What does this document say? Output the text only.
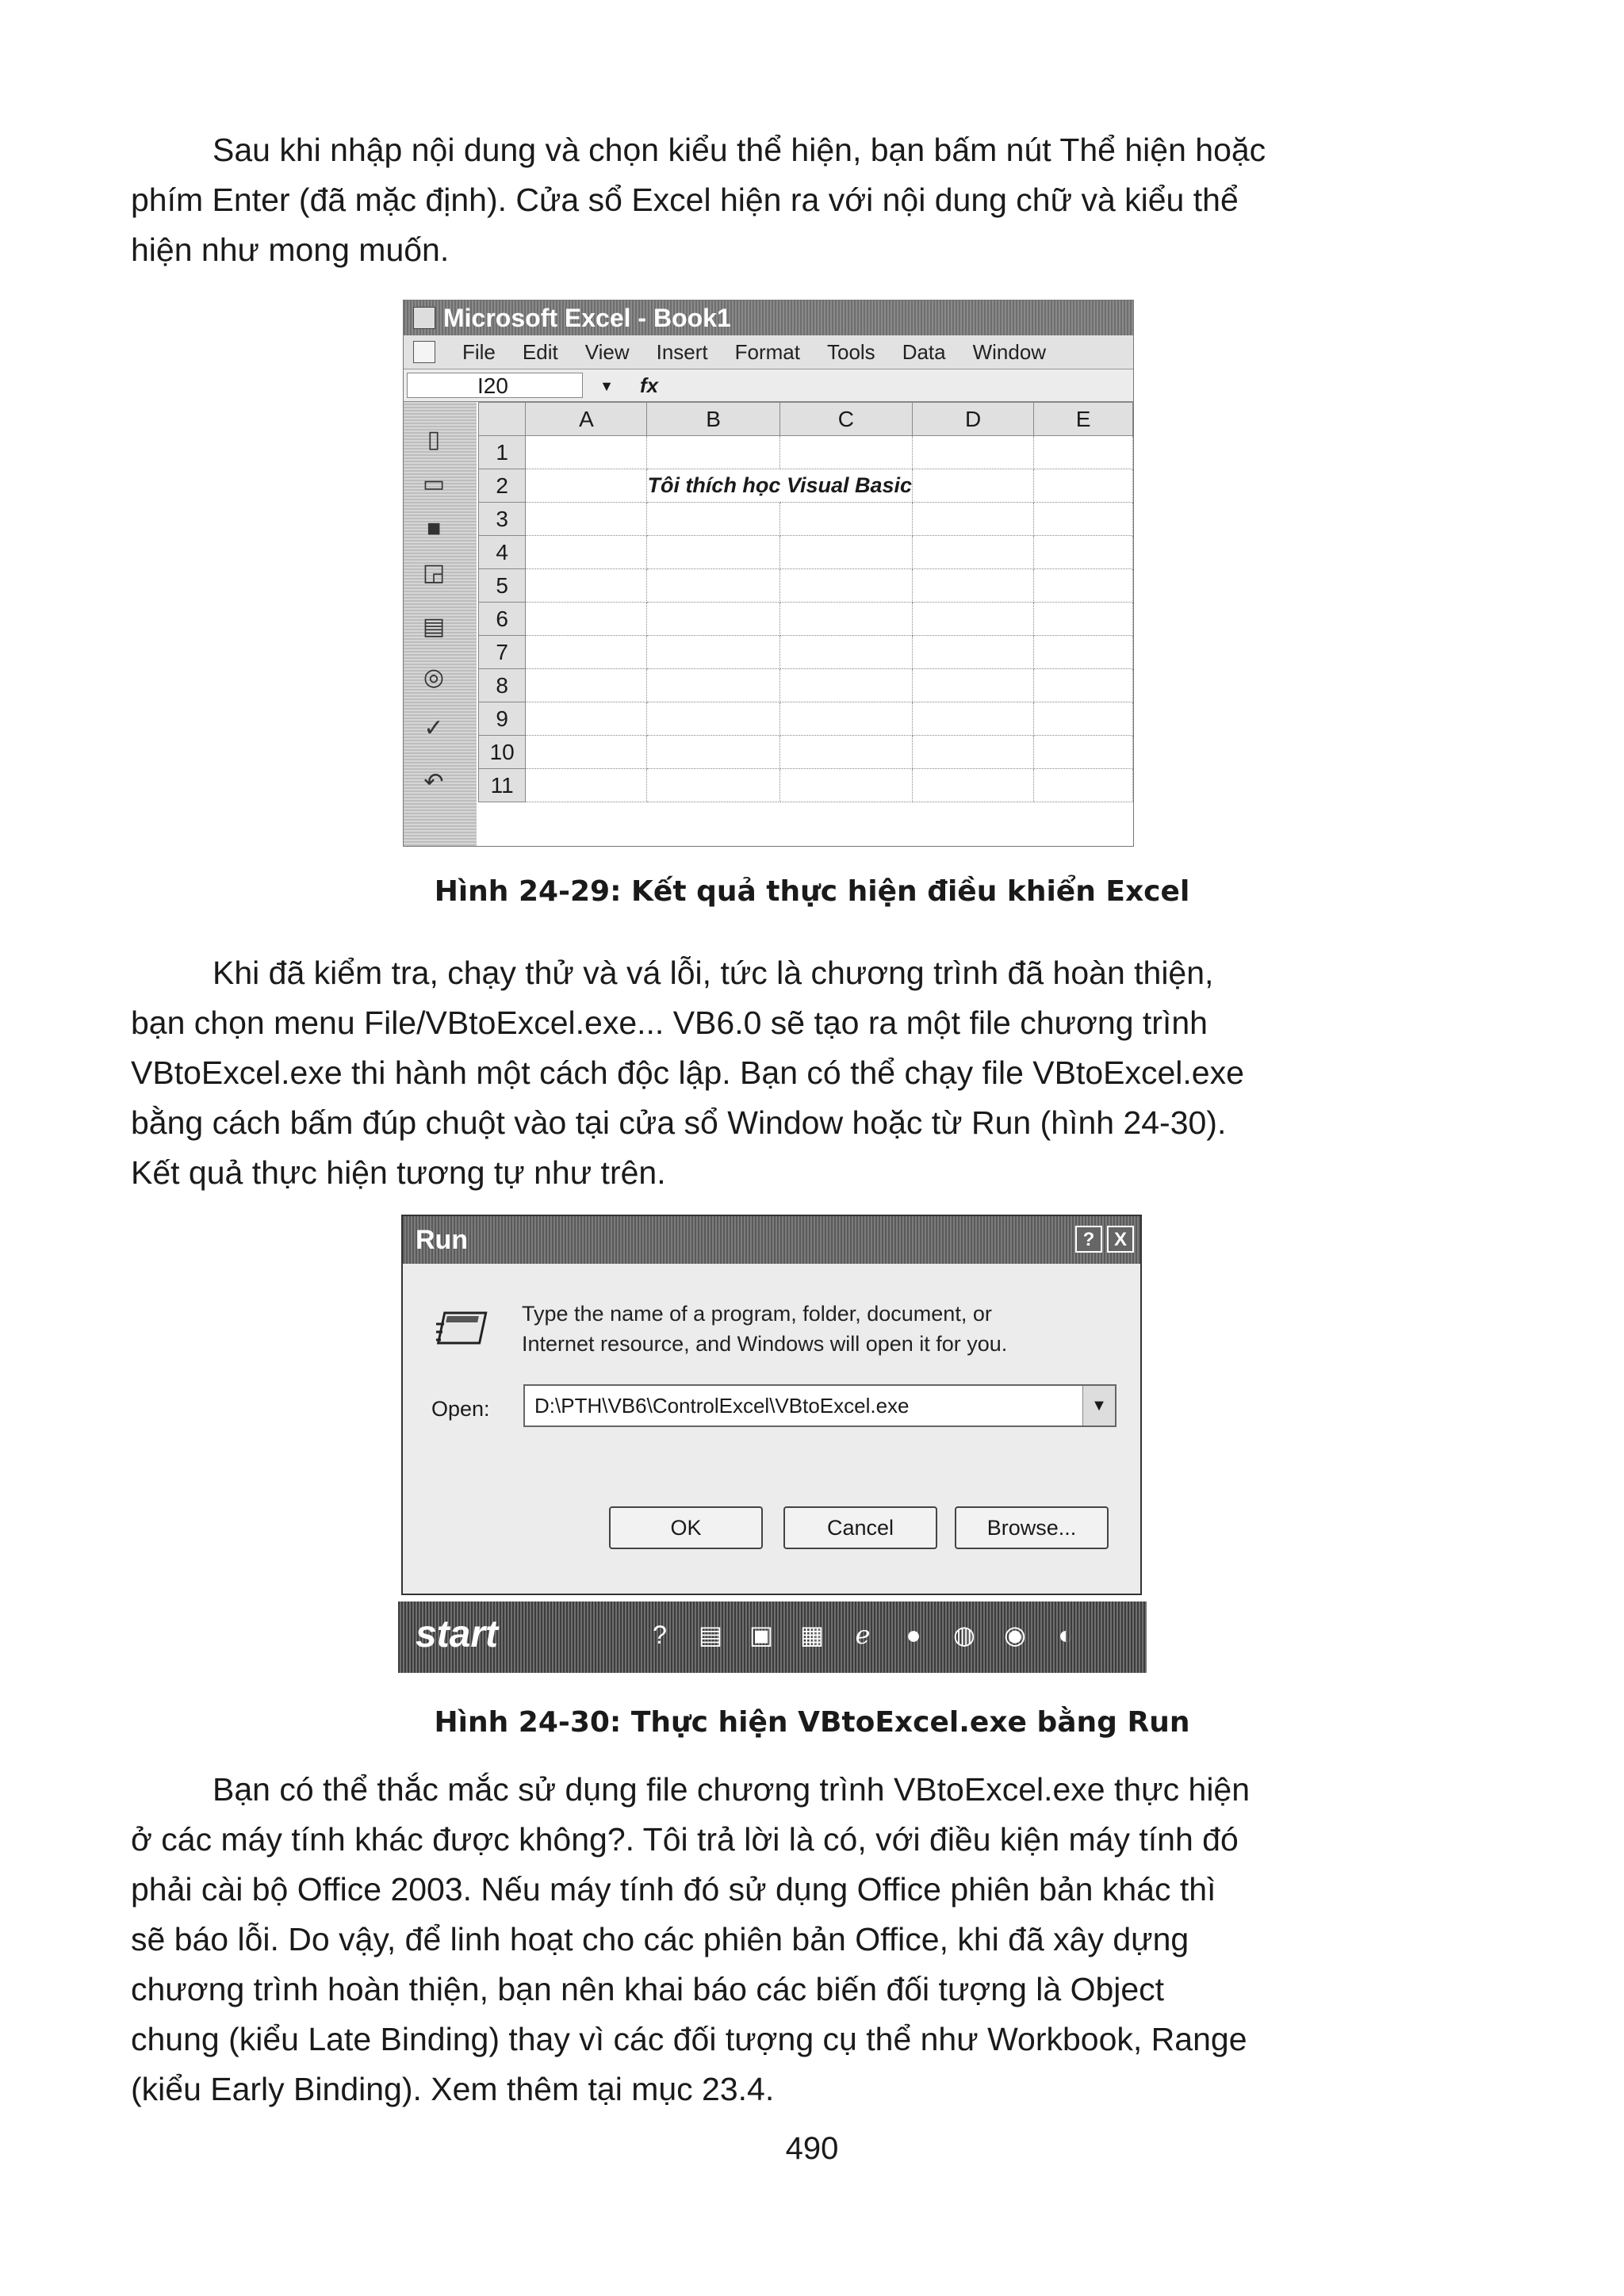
Sau khi nhập nội dung và chọn kiểu thể hiện, bạn bấm nút Thể hiện hoặc
phím Enter (đã mặc định). Cửa sổ Excel hiện ra với nội dung chữ và kiểu thể
hiện như mong muốn.
Microsoft Excel - Book1
File Edit View Insert Format Tools Data Window
I20	▼ fx
▯
▭
■
◲
▤
◎
✓
↶
	A	B	C	D	E
1					
2		Tôi thích học Visual Basic			
3					
4					
5					
6					
7					
8					
9					
10					
11					

Hình 24-29: Kết quả thực hiện điều khiển Excel

Khi đã kiểm tra, chạy thử và vá lỗi, tức là chương trình đã hoàn thiện,
bạn chọn menu File/VBtoExcel.exe... VB6.0 sẽ tạo ra một file chương trình
VBtoExcel.exe thi hành một cách độc lập. Bạn có thể chạy file VBtoExcel.exe
bằng cách bấm đúp chuột vào tại cửa sổ Window hoặc từ Run (hình 24-30).
Kết quả thực hiện tương tự như trên.
Run	?	X
Type the name of a program, folder, document, or
Internet resource, and Windows will open it for you.
Open:	D:\PTH\VB6\ControlExcel\VBtoExcel.exe	▼
OK	Cancel	Browse...
start	?	▤ ▣ ▦	ℯ	●	◍ ◉	◐

Hình 24-30: Thực hiện VBtoExcel.exe bằng Run

Bạn có thể thắc mắc sử dụng file chương trình VBtoExcel.exe thực hiện
ở các máy tính khác được không?. Tôi trả lời là có, với điều kiện máy tính đó
phải cài bộ Office 2003. Nếu máy tính đó sử dụng Office phiên bản khác thì
sẽ báo lỗi. Do vậy, để linh hoạt cho các phiên bản Office, khi đã xây dựng
chương trình hoàn thiện, bạn nên khai báo các biến đối tượng là Object
chung (kiểu Late Binding) thay vì các đối tượng cụ thể như Workbook, Range
(kiểu Early Binding). Xem thêm tại mục 23.4.
490
